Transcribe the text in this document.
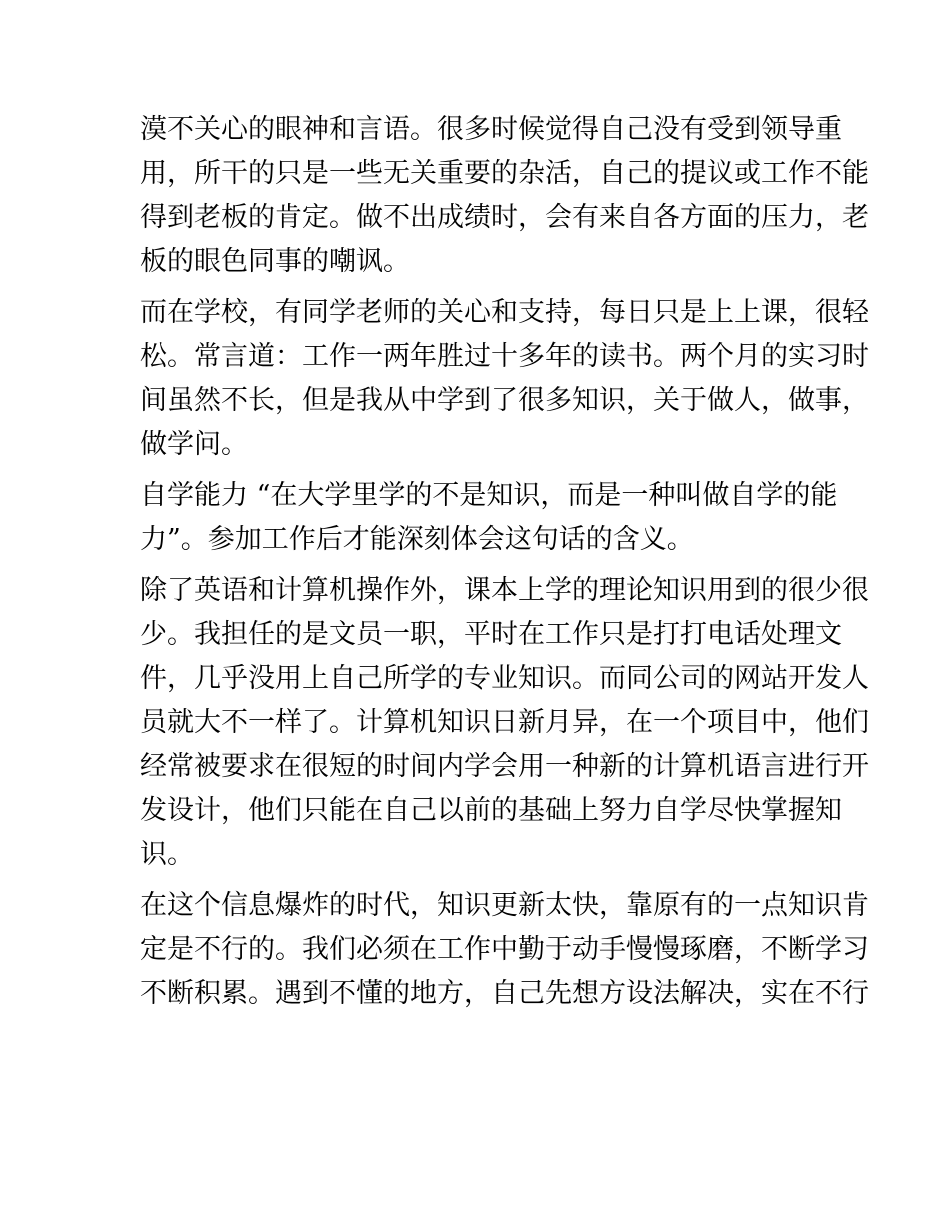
漠不关心的眼神和言语。很多时候觉得自己没有受到领导重
用，所干的只是一些无关重要的杂活，自己的提议或工作不能
得到老板的肯定。做不出成绩时，会有来自各方面的压力，老
板的眼色同事的嘲讽。
而在学校，有同学老师的关心和支持，每日只是上上课，很轻
松。常言道：工作一两年胜过十多年的读书。两个月的实习时
间虽然不长，但是我从中学到了很多知识，关于做人，做事，
做学问。
自学能力 “在大学里学的不是知识，而是一种叫做自学的能
力”。参加工作后才能深刻体会这句话的含义。
除了英语和计算机操作外，课本上学的理论知识用到的很少很
少。我担任的是文员一职，平时在工作只是打打电话处理文
件，几乎没用上自己所学的专业知识。而同公司的网站开发人
员就大不一样了。计算机知识日新月异，在一个项目中，他们
经常被要求在很短的时间内学会用一种新的计算机语言进行开
发设计，他们只能在自己以前的基础上努力自学尽快掌握知
识。
在这个信息爆炸的时代，知识更新太快，靠原有的一点知识肯
定是不行的。我们必须在工作中勤于动手慢慢琢磨，不断学习
不断积累。遇到不懂的地方，自己先想方设法解决，实在不行
